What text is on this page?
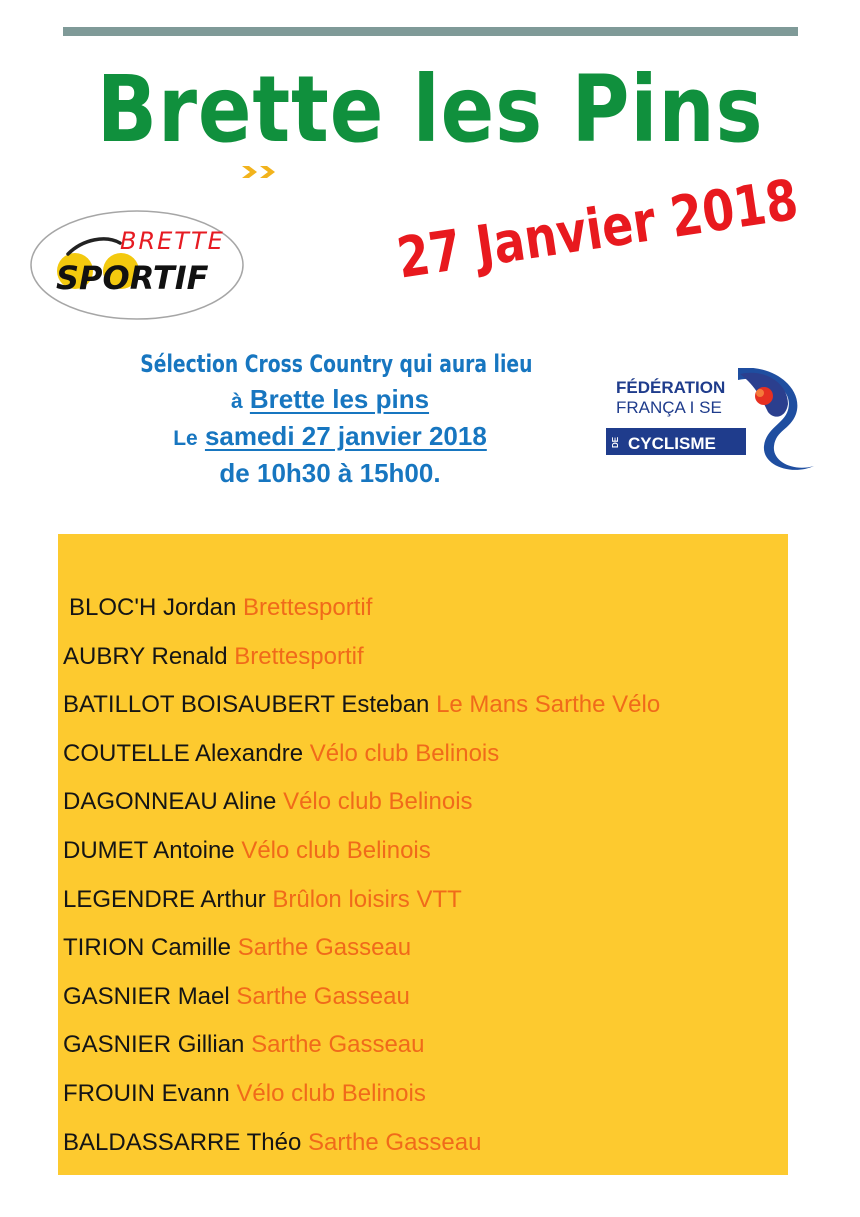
Brette les Pins
BRETTE
SPORTIF	27 Janvier 2018
Sélection Cross Country qui aura lieu
à Brette les pins
Le samedi 27 janvier 2018
de 10h30 à 15h00.
FÉDÉRATION
FRANÇA I SE
DE CYCLISME
BLOC'H Jordan Brettesportif
AUBRY Renald Brettesportif
BATILLOT BOISAUBERT Esteban Le Mans Sarthe Vélo
COUTELLE Alexandre Vélo club Belinois
DAGONNEAU Aline Vélo club Belinois
DUMET Antoine Vélo club Belinois
LEGENDRE Arthur Brûlon loisirs VTT
TIRION Camille Sarthe Gasseau
GASNIER Mael Sarthe Gasseau
GASNIER Gillian Sarthe Gasseau
FROUIN Evann Vélo club Belinois
BALDASSARRE Théo Sarthe Gasseau
